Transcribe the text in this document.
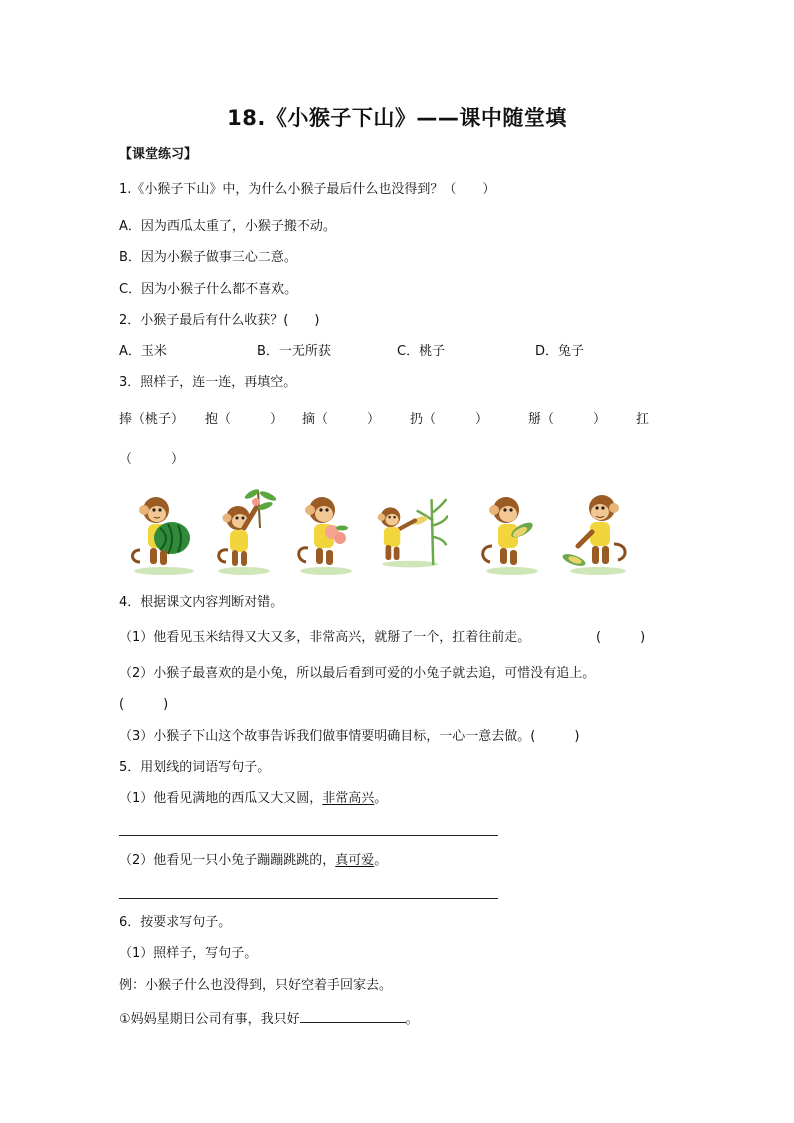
18.《小猴子下山》——课中随堂填
【课堂练习】
1.《小猴子下山》中，为什么小猴子最后什么也没得到？（　　）
A．因为西瓜太重了，小猴子搬不动。
B．因为小猴子做事三心二意。
C．因为小猴子什么都不喜欢。
2．小猴子最后有什么收获？(　　)
A．玉米	B．一无所获	C．桃子	D．兔子
3．照样子，连一连，再填空。
捧（桃子） 抱（　　　） 摘（　　　） 扔（　　　）	掰（　　　） 扛
（　　　）
4．根据课文内容判断对错。
（1）他看见玉米结得又大又多，非常高兴，就掰了一个，扛着往前走。	(　　　)
（2）小猴子最喜欢的是小兔，所以最后看到可爱的小兔子就去追，可惜没有追上。
(　　　)
（3）小猴子下山这个故事告诉我们做事情要明确目标，一心一意去做。(　　　)
5．用划线的词语写句子。
（1）他看见满地的西瓜又大又圆，非常高兴。
（2）他看见一只小兔子蹦蹦跳跳的，真可爱。
6．按要求写句子。
（1）照样子，写句子。
例：小猴子什么也没得到，只好空着手回家去。
①妈妈星期日公司有事，我只好	。
